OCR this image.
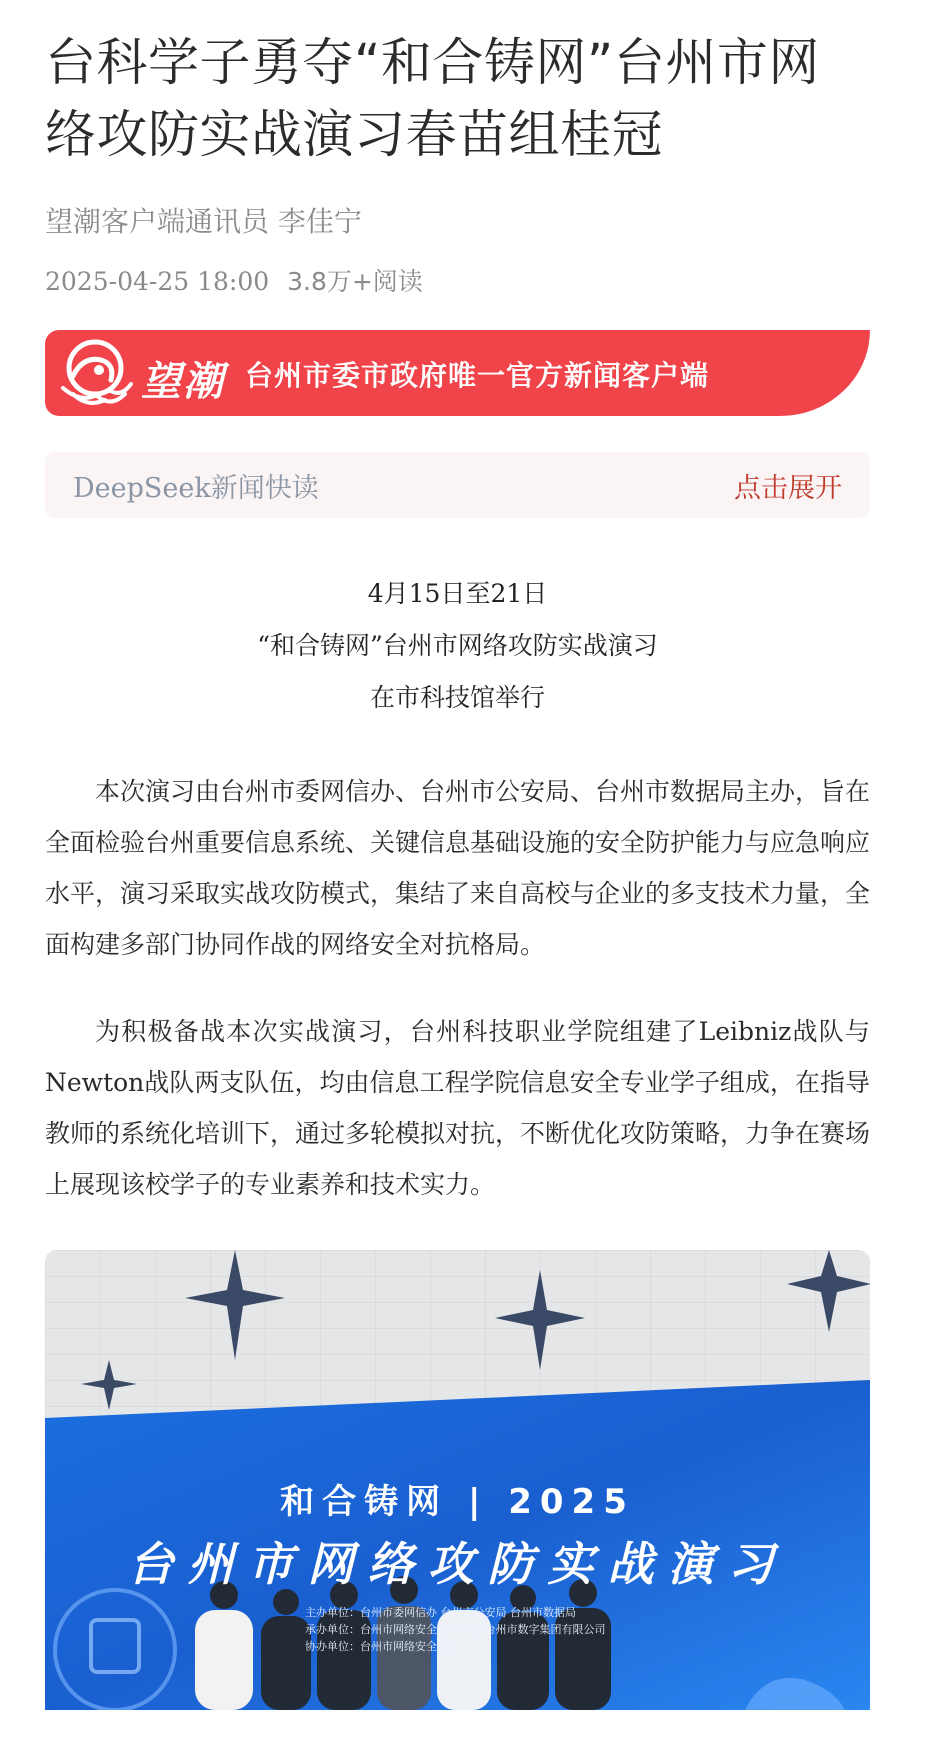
台科学子勇夺“和合铸网”台州市网络攻防实战演习春苗组桂冠
望潮客户端通讯员 李佳宁
2025-04-25 18:00 3.8万+阅读
望潮 台州市委市政府唯一官方新闻客户端
DeepSeek新闻快读	点击展开
4月15日至21日
“和合铸网”台州市网络攻防实战演习
在市科技馆举行

本次演习由台州市委网信办、台州市公安局、台州市数据局主办，旨在全面检验台州重要信息系统、关键信息基础设施的安全防护能力与应急响应水平，演习采取实战攻防模式，集结了来自高校与企业的多支技术力量，全面构建多部门协同作战的网络安全对抗格局。

为积极备战本次实战演习，台州科技职业学院组建了Leibniz战队与Newton战队两支队伍，均由信息工程学院信息安全专业学子组成，在指导教师的系统化培训下，通过多轮模拟对抗，不断优化攻防策略，力争在赛场上展现该校学子的专业素养和技术实力。

和合铸网 | 2025
台州市网络攻防实战演习
主办单位：台州市委网信办 台州市公安局 台州市数据局
承办单位：台州市网络安全技术中心 台州市数字集团有限公司
协办单位：台州市网络安全协会
